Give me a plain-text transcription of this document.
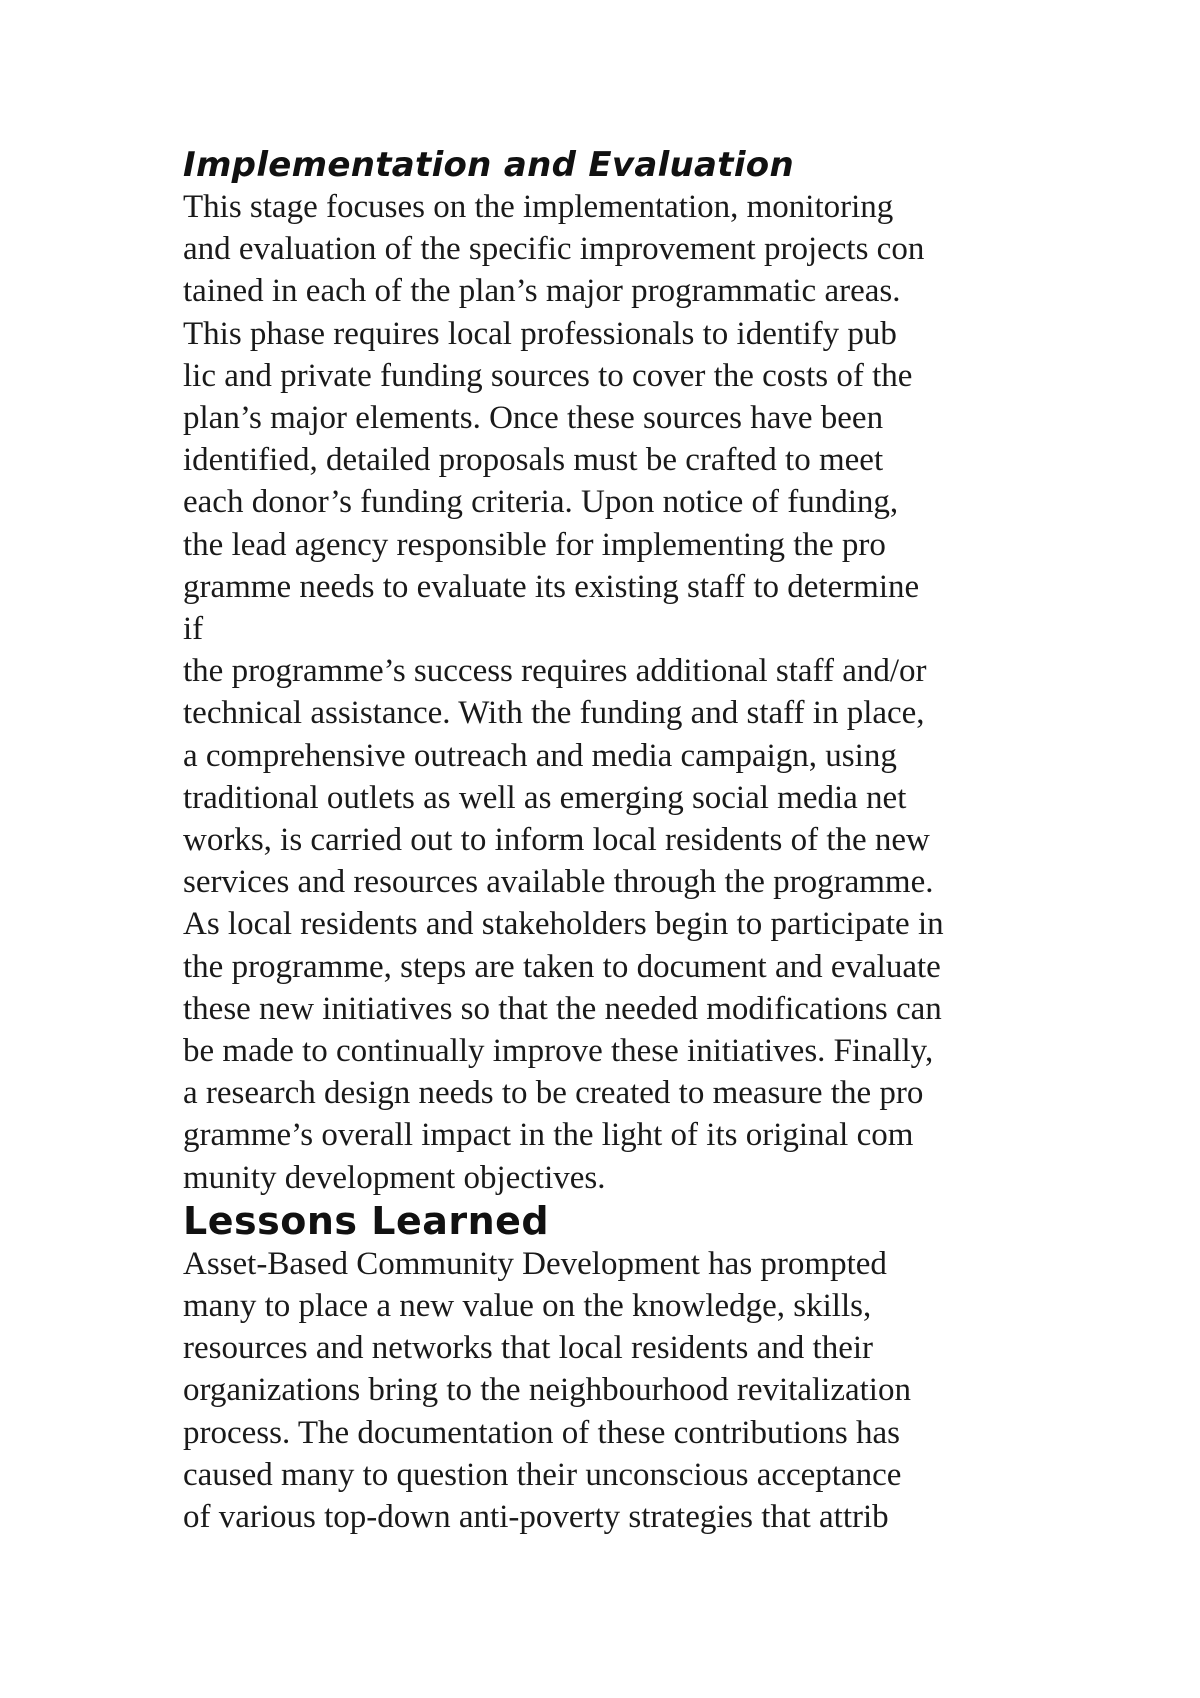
Implementation and Evaluation

This stage focuses on the implementation, monitoring

and evaluation of the specific improvement projects con

tained in each of the plan’s major programmatic areas.

This phase requires local professionals to identify pub

lic and private funding sources to cover the costs of the

plan’s major elements. Once these sources have been

identified, detailed proposals must be crafted to meet

each donor’s funding criteria. Upon notice of funding,

the lead agency responsible for implementing the pro

gramme needs to evaluate its existing staff to determine

if

the programme’s success requires additional staff and/or

technical assistance. With the funding and staff in place,

a comprehensive outreach and media campaign, using

traditional outlets as well as emerging social media net

works, is carried out to inform local residents of the new

services and resources available through the programme.

As local residents and stakeholders begin to participate in

the programme, steps are taken to document and evaluate

these new initiatives so that the needed modifications can

be made to continually improve these initiatives. Finally,

a research design needs to be created to measure the pro

gramme’s overall impact in the light of its original com

munity development objectives.

Lessons Learned

Asset-Based Community Development has prompted

many to place a new value on the knowledge, skills,

resources and networks that local residents and their

organizations bring to the neighbourhood revitalization

process. The documentation of these contributions has

caused many to question their unconscious acceptance

of various top-down anti-poverty strategies that attrib
